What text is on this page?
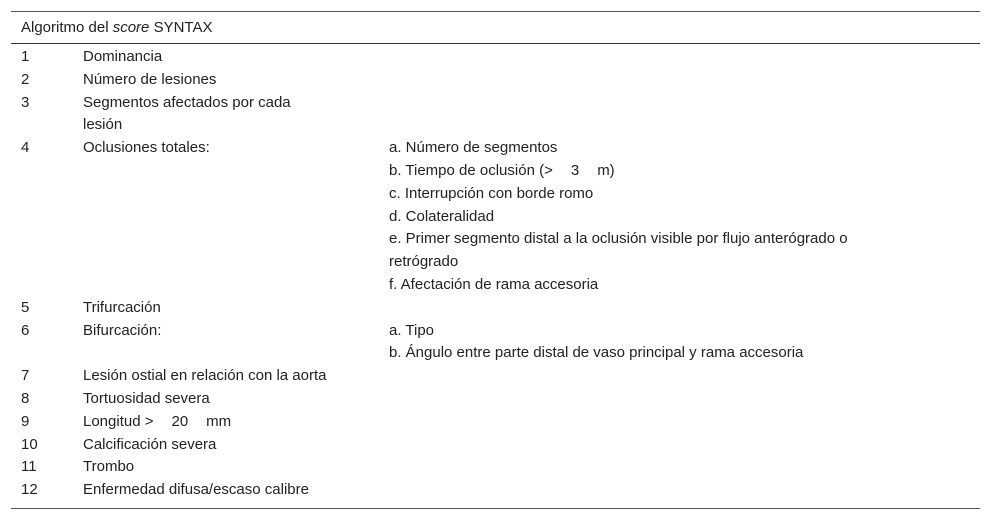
Algoritmo del score SYNTAX
1	Dominancia
2	Número de lesiones
3	Segmentos afectados por cada lesión
4	Oclusiones totales:	a. Número de segmentos
b. Tiempo de oclusión (> 3 m)
c. Interrupción con borde romo
d. Colateralidad
e. Primer segmento distal a la oclusión visible por flujo anterógrado o retrógrado
f. Afectación de rama accesoria
5	Trifurcación
6	Bifurcación:	a. Tipo
b. Ángulo entre parte distal de vaso principal y rama accesoria
7	Lesión ostial en relación con la aorta
8	Tortuosidad severa
9	Longitud > 20 mm
10	Calcificación severa
11	Trombo
12	Enfermedad difusa/escaso calibre
